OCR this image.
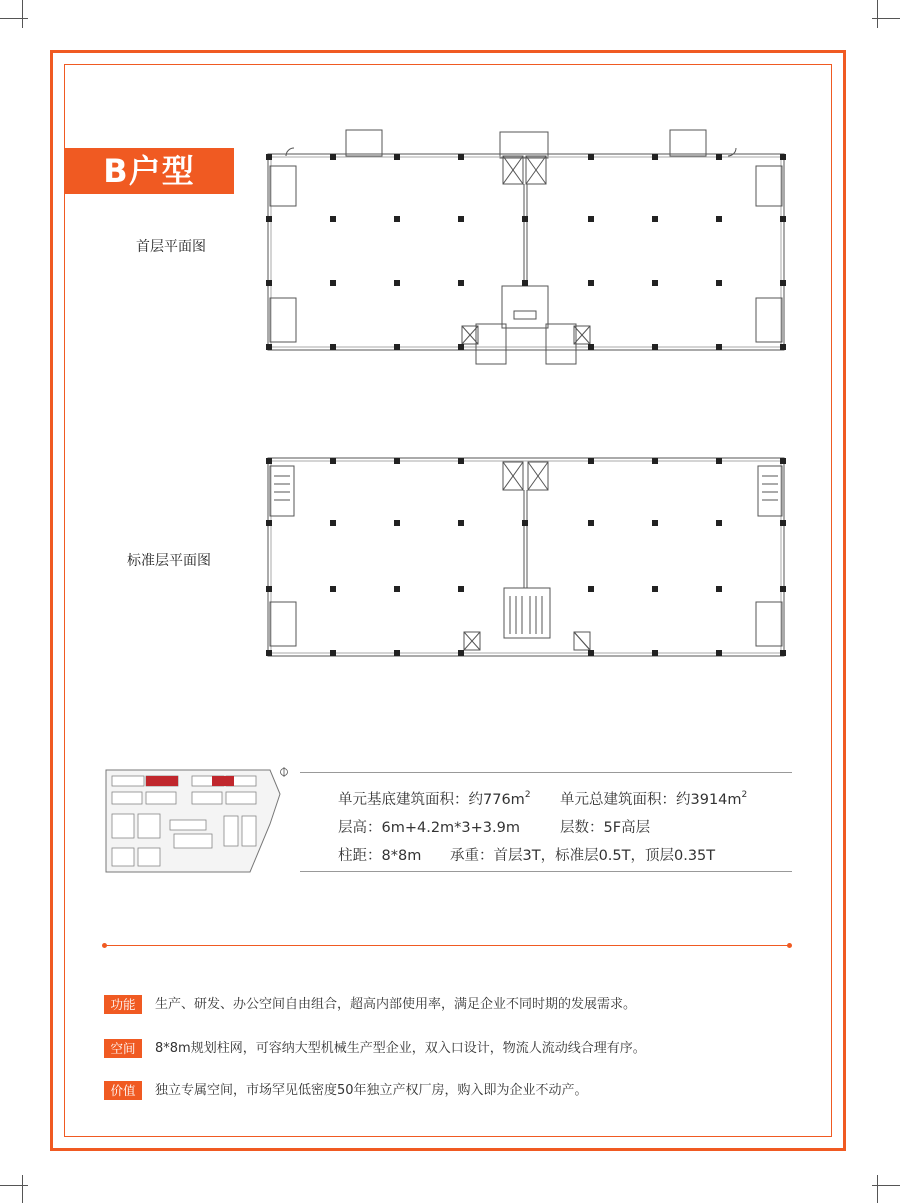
B户型
首层平面图
标准层平面图
单元基底建筑面积：约$776m^2$ 单元总建筑面积：约$3914m^2$
层高：6m+4.2m*3+3.9m	层数：5F高层
柱距：8*8m 承重：首层3T，标准层0.5T，顶层0.35T
功能	生产、研发、办公空间自由组合，超高内部使用率，满足企业不同时期的发展需求。
空间	8*8m规划柱网，可容纳大型机械生产型企业，双入口设计，物流人流动线合理有序。
价值	独立专属空间，市场罕见低密度50年独立产权厂房，购入即为企业不动产。
